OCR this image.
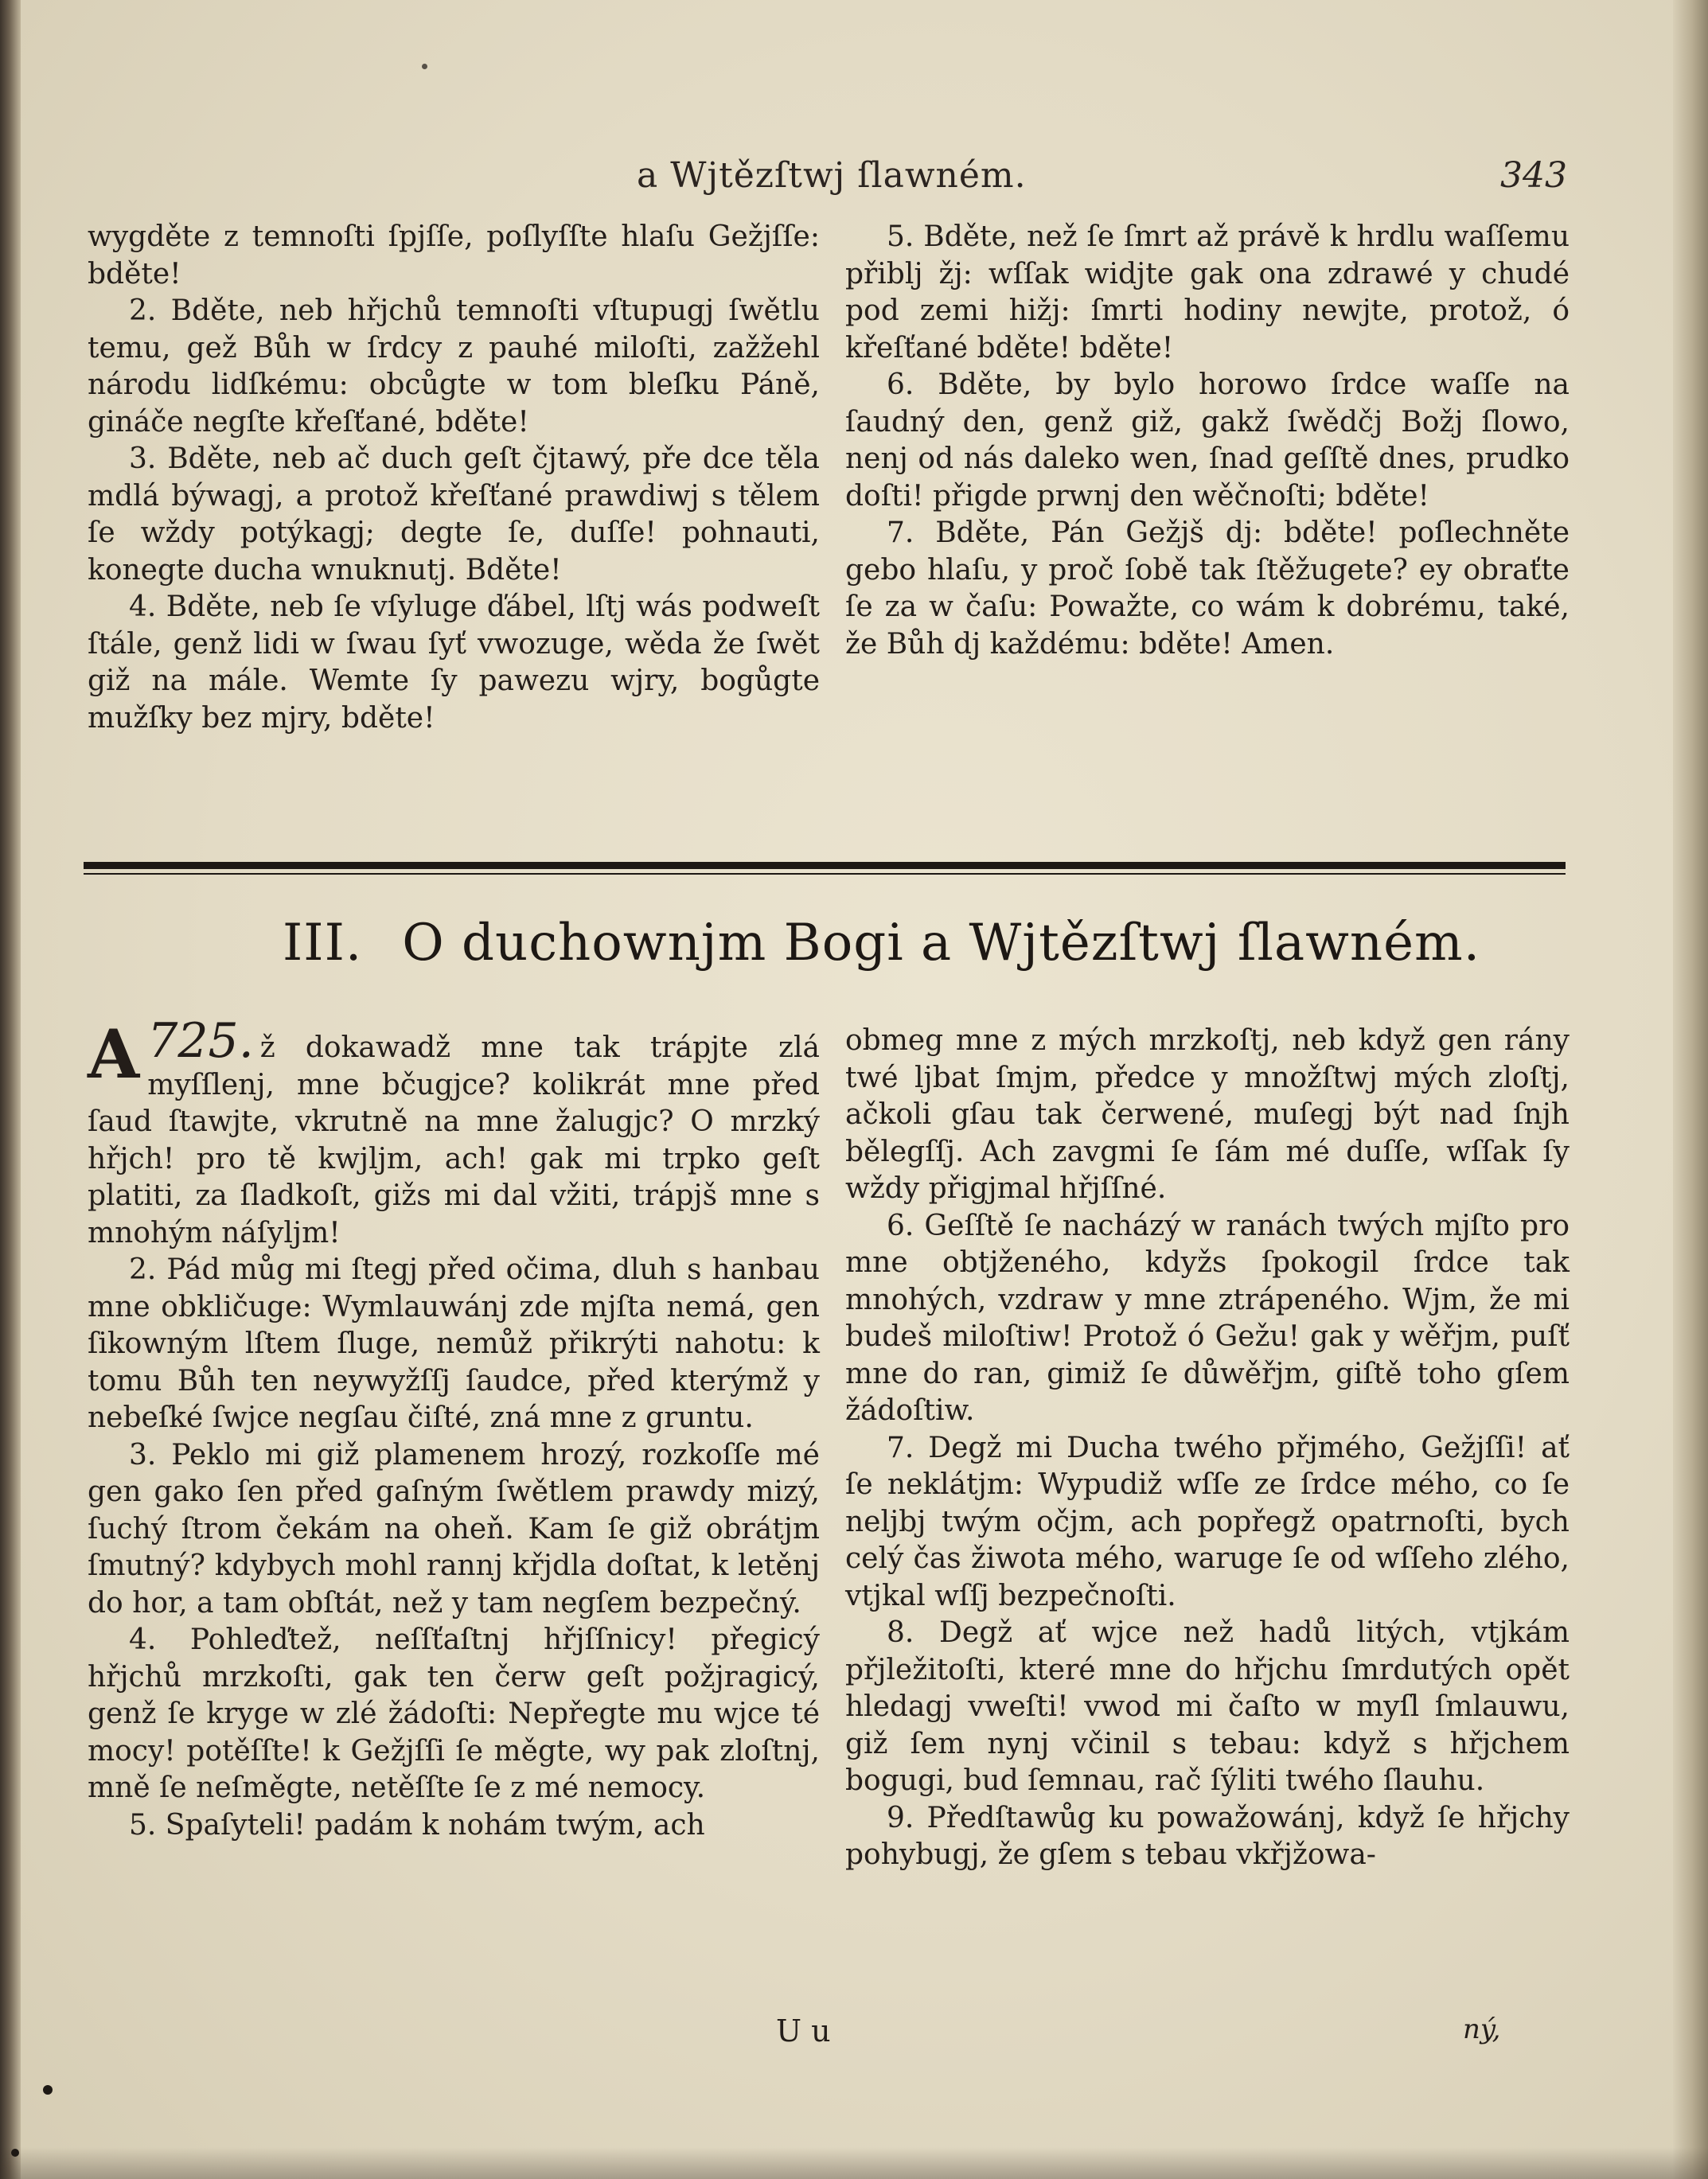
a Wjtězſtwj ſlawném.	343

wygděte z temnoſti ſpjſſe, poſlyſſte hlaſu Gežjſſe: bděte!

2. Bděte, neb hřjchů temnoſti vſtupugj ſwětlu temu, gež Bůh w ſrdcy z pauhé miloſti, zažžehl národu lidſkému: obcůgte w tom bleſku Páně, gináče negſte křeſťané, bděte!

3. Bděte, neb ač duch geſt čjtawý, pře dce těla mdlá býwagj, a protož křeſťané prawdiwj s tělem ſe wždy potýkagj; degte ſe, duſſe! pohnauti, konegte ducha wnuknutj. Bděte!

4. Bděte, neb ſe vſyluge ďábel, lſtj wás podweſt ſtále, genž lidi w ſwau ſyť vwozuge, wěda že ſwět giž na mále. Wemte ſy pawezu wjry, bogůgte mužſky bez mjry, bděte!

5. Bděte, než ſe ſmrt až právě k hrdlu waſſemu přiblj žj: wſſak widjte gak ona zdrawé y chudé pod zemi hižj: ſmrti hodiny newjte, protož, ó křeſťané bděte! bděte!

6. Bděte, by bylo horowo ſrdce waſſe na ſaudný den, genž giž, gakž ſwědčj Božj ſlowo, nenj od nás daleko wen, ſnad geſſtě dnes, prudko doſti! přigde prwnj den wěčnoſti; bděte!

7. Bděte, Pán Gežjš dj: bděte! poſlechněte gebo hlaſu, y proč ſobě tak ſtěžugete? ey obraťte ſe za w čaſu: Powažte, co wám k dobrému, také, že Bůh dj každému: bděte! Amen.

III. O duchownjm Bogi a Wjtězſtwj ſlawném.

725.
A	ž dokawadž mne tak trápjte zlá myſſlenj, mne bčugjce? kolikrát mne před ſaud ſtawjte, vkrutně na mne žalugjc? O mrzký hřjch! pro tě kwjljm, ach! gak mi trpko geſt platiti, za ſladkoſt, gižs mi dal vžiti, trápjš mne s mnohým náſyljm!

2. Pád můg mi ſtegj před očima, dluh s hanbau mne obkličuge: Wymlauwánj zde mjſta nemá, gen ſikowným lſtem ſluge, nemůž přikrýti nahotu: k tomu Bůh ten neywyžſſj ſaudce, před kterýmž y nebeſké ſwjce negſau čiſté, zná mne z gruntu.

3. Peklo mi giž plamenem hrozý, rozkoſſe mé gen gako ſen před gaſným ſwětlem prawdy mizý, ſuchý ſtrom čekám na oheň. Kam ſe giž obrátjm ſmutný? kdybych mohl rannj křjdla doſtat, k letěnj do hor, a tam obſtát, než y tam negſem bezpečný.

4. Pohleďtež, neſſťaſtnj hřjſſnicy! přegicý hřjchů mrzkoſti, gak ten čerw geſt požjragicý, genž ſe kryge w zlé žádoſti: Nepřegte mu wjce té mocy! potěſſte! k Gežjſſi ſe měgte, wy pak zloſtnj, mně ſe neſměgte, netěſſte ſe z mé nemocy.

5. Spaſyteli! padám k nohám twým, ach

obmeg mne z mých mrzkoſtj, neb když gen rány twé ljbat ſmjm, předce y množſtwj mých zloſtj, ačkoli gſau tak čerwené, muſegj být nad ſnjh bělegſſj. Ach zavgmi ſe ſám mé duſſe, wſſak ſy wždy přigjmal hřjſſné.

6. Geſſtě ſe nacházý w ranách twých mjſto pro mne obtjženého, kdyžs ſpokogil ſrdce tak mnohých, vzdraw y mne ztrápeného. Wjm, že mi budeš miloſtiw! Protož ó Gežu! gak y wěřjm, puſť mne do ran, gimiž ſe důwěřjm, giſtě toho gſem žádoſtiw.

7. Degž mi Ducha twého přjmého, Gežjſſi! ať ſe neklátjm: Wypudiž wſſe ze ſrdce mého, co ſe neljbj twým očjm, ach popřegž opatrnoſti, bych celý čas žiwota mého, waruge ſe od wſſeho zlého, vtjkal wſſj bezpečnoſti.

8. Degž ať wjce než hadů litých, vtjkám přjležitoſti, které mne do hřjchu ſmrdutých opět hledagj vweſti! vwod mi čaſto w myſl ſmlauwu, giž ſem nynj včinil s tebau: když s hřjchem bogugi, bud ſemnau, rač ſýliti twého ſlauhu.

9. Předſtawůg ku powažowánj, když ſe hřjchy pohybugj, že gſem s tebau vkřjžowa-

U u	ný,
